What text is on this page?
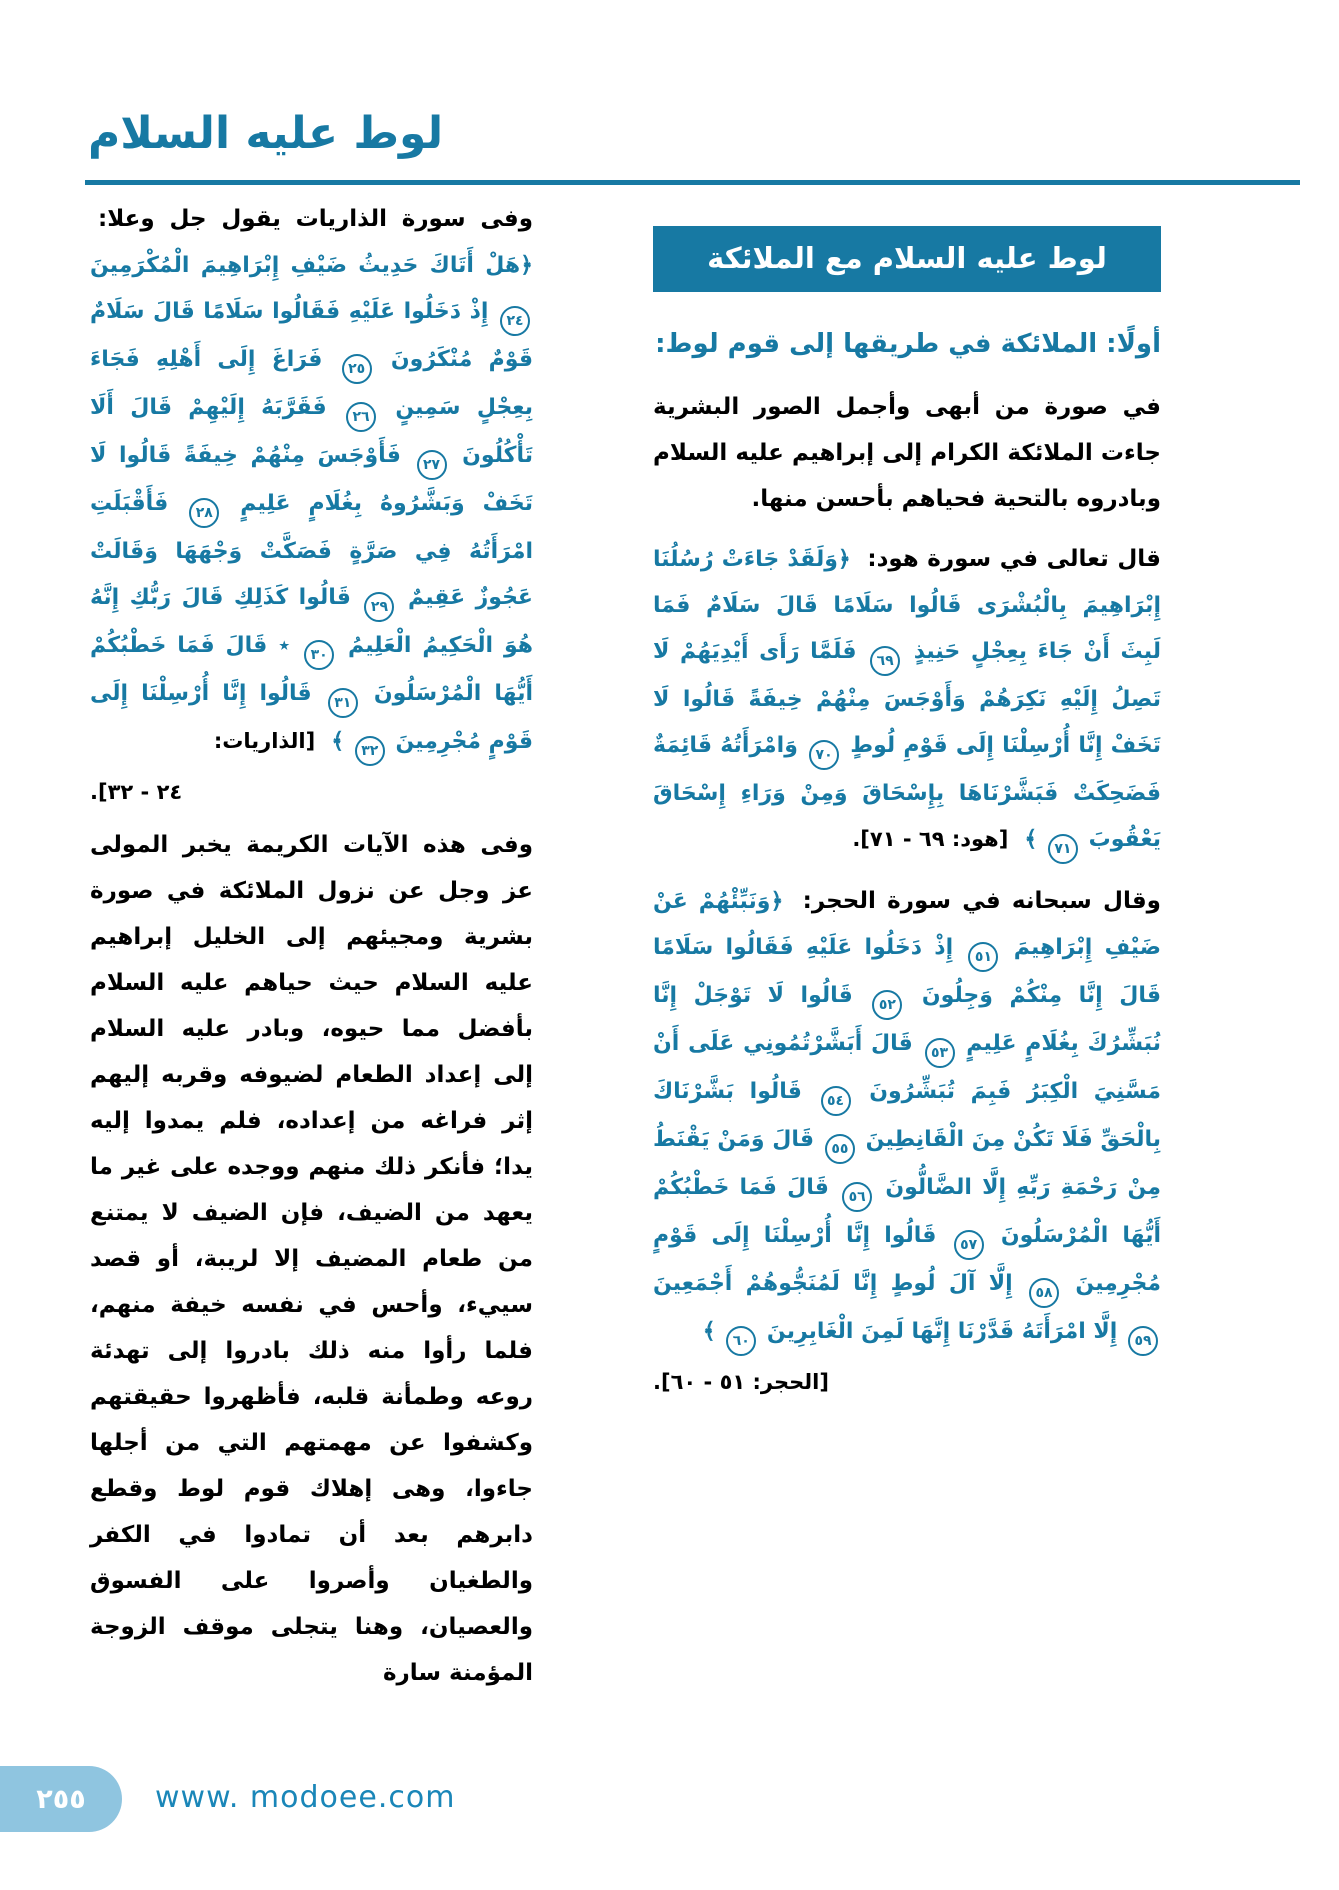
لوط عليه السلام
لوط عليه السلام مع الملائكة

أولًا: الملائكة في طريقها إلى قوم لوط:

في صورة من أبهى وأجمل الصور البشرية جاءت الملائكة الكرام إلى إبراهيم عليه السلام وبادروه بالتحية فحياهم بأحسن منها.

قال تعالى في سورة هود: ﴿وَلَقَدْ جَاءَتْ رُسُلُنَا إِبْرَاهِيمَ بِالْبُشْرَى قَالُوا سَلَامًا قَالَ سَلَامٌ فَمَا لَبِثَ أَنْ جَاءَ بِعِجْلٍ حَنِيذٍ ٦٩ فَلَمَّا رَأَى أَيْدِيَهُمْ لَا تَصِلُ إِلَيْهِ نَكِرَهُمْ وَأَوْجَسَ مِنْهُمْ خِيفَةً قَالُوا لَا تَخَفْ إِنَّا أُرْسِلْنَا إِلَى قَوْمِ لُوطٍ ٧٠ وَامْرَأَتُهُ قَائِمَةٌ فَضَحِكَتْ فَبَشَّرْنَاهَا بِإِسْحَاقَ وَمِنْ وَرَاءِ إِسْحَاقَ يَعْقُوبَ ٧١ ﴾ [هود: ٦٩ - ٧١].

وقال سبحانه في سورة الحجر: ﴿وَنَبِّئْهُمْ عَنْ ضَيْفِ إِبْرَاهِيمَ ٥١ إِذْ دَخَلُوا عَلَيْهِ فَقَالُوا سَلَامًا قَالَ إِنَّا مِنْكُمْ وَجِلُونَ ٥٢ قَالُوا لَا تَوْجَلْ إِنَّا نُبَشِّرُكَ بِغُلَامٍ عَلِيمٍ ٥٣ قَالَ أَبَشَّرْتُمُونِي عَلَى أَنْ مَسَّنِيَ الْكِبَرُ فَبِمَ تُبَشِّرُونَ ٥٤ قَالُوا بَشَّرْنَاكَ بِالْحَقِّ فَلَا تَكُنْ مِنَ الْقَانِطِينَ ٥٥ قَالَ وَمَنْ يَقْنَطُ مِنْ رَحْمَةِ رَبِّهِ إِلَّا الضَّالُّونَ ٥٦ قَالَ فَمَا خَطْبُكُمْ أَيُّهَا الْمُرْسَلُونَ ٥٧ قَالُوا إِنَّا أُرْسِلْنَا إِلَى قَوْمٍ مُجْرِمِينَ ٥٨ إِلَّا آلَ لُوطٍ إِنَّا لَمُنَجُّوهُمْ أَجْمَعِينَ ٥٩ إِلَّا امْرَأَتَهُ قَدَّرْنَا إِنَّهَا لَمِنَ الْغَابِرِينَ ٦٠ ﴾

[الحجر: ٥١ - ٦٠].

وفى سورة الذاريات يقول جل وعلا: ﴿هَلْ أَتَاكَ حَدِيثُ ضَيْفِ إِبْرَاهِيمَ الْمُكْرَمِينَ ٢٤ إِذْ دَخَلُوا عَلَيْهِ فَقَالُوا سَلَامًا قَالَ سَلَامٌ قَوْمٌ مُنْكَرُونَ ٢٥ فَرَاغَ إِلَى أَهْلِهِ فَجَاءَ بِعِجْلٍ سَمِينٍ ٢٦ فَقَرَّبَهُ إِلَيْهِمْ قَالَ أَلَا تَأْكُلُونَ ٢٧ فَأَوْجَسَ مِنْهُمْ خِيفَةً قَالُوا لَا تَخَفْ وَبَشَّرُوهُ بِغُلَامٍ عَلِيمٍ ٢٨ فَأَقْبَلَتِ امْرَأَتُهُ فِي صَرَّةٍ فَصَكَّتْ وَجْهَهَا وَقَالَتْ عَجُوزٌ عَقِيمٌ ٢٩ قَالُوا كَذَلِكِ قَالَ رَبُّكِ إِنَّهُ هُوَ الْحَكِيمُ الْعَلِيمُ ٣٠ ٭ قَالَ فَمَا خَطْبُكُمْ أَيُّهَا الْمُرْسَلُونَ ٣١ قَالُوا إِنَّا أُرْسِلْنَا إِلَى قَوْمٍ مُجْرِمِينَ ٣٢ ﴾ [الذاريات:

٢٤ - ٣٢].

وفى هذه الآيات الكريمة يخبر المولى عز وجل عن نزول الملائكة في صورة بشرية ومجيئهم إلى الخليل إبراهيم عليه السلام حيث حياهم عليه السلام بأفضل مما حيوه، وبادر عليه السلام إلى إعداد الطعام لضيوفه وقربه إليهم إثر فراغه من إعداده، فلم يمدوا إليه يدا؛ فأنكر ذلك منهم ووجده على غير ما يعهد من الضيف، فإن الضيف لا يمتنع من طعام المضيف إلا لريبة، أو قصد سييء، وأحس في نفسه خيفة منهم، فلما رأوا منه ذلك بادروا إلى تهدئة روعه وطمأنة قلبه، فأظهروا حقيقتهم وكشفوا عن مهمتهم التي من أجلها جاءوا، وهى إهلاك قوم لوط وقطع دابرهم بعد أن تمادوا في الكفر والطغيان وأصروا على الفسوق والعصيان، وهنا يتجلى موقف الزوجة المؤمنة سارة

٢٥٥ www. modoee.com
